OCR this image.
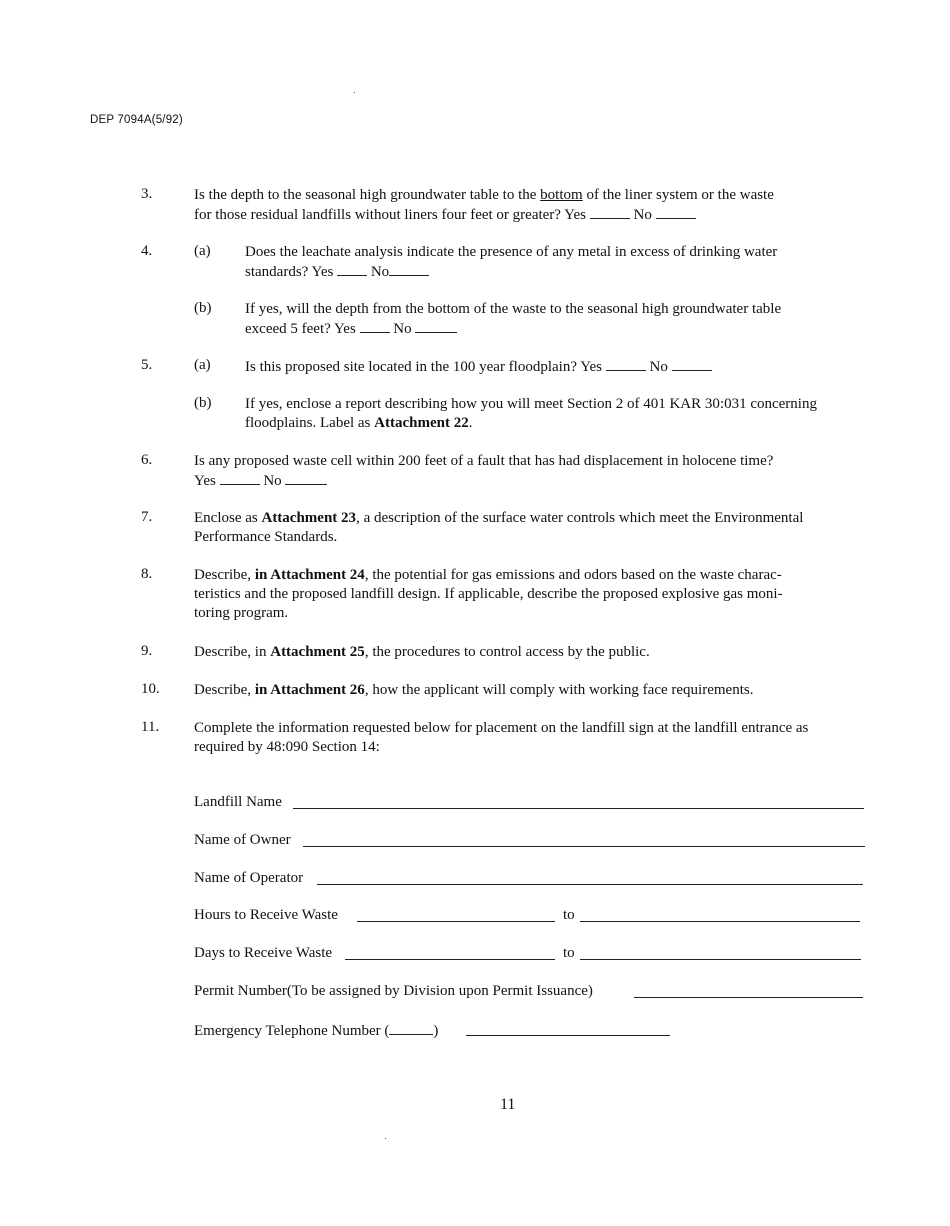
DEP 7094A(5/92)
3.	Is the depth to the seasonal high groundwater table to the bottom of the liner system or the waste
for those residual landfills without liners four feet or greater? Yes	No
4.	(a) Does the leachate analysis indicate the presence of any metal in excess of drinking water
standards? Yes  No
(b) If yes, will the depth from the bottom of the waste to the seasonal high groundwater table
exceed 5 feet? Yes  No
5.	(a) Is this proposed site located in the 100 year floodplain? Yes	No
(b) If yes, enclose a report describing how you will meet Section 2 of 401 KAR 30:031 concerning
floodplains. Label as Attachment 22.
6.	Is any proposed waste cell within 200 feet of a fault that has had displacement in holocene time?
Yes	No
7.	Enclose as Attachment 23, a description of the surface water controls which meet the Environmental
Performance Standards.
8.	Describe, in Attachment 24, the potential for gas emissions and odors based on the waste charac-
teristics and the proposed landfill design. If applicable, describe the proposed explosive gas moni-
toring program.
9.	Describe, in Attachment 25, the procedures to control access by the public.
10. Describe, in Attachment 26, how the applicant will comply with working face requirements.
11. Complete the information requested below for placement on the landfill sign at the landfill entrance as
required by 48:090 Section 14:
Landfill Name
Name of Owner
Name of Operator
Hours to Receive Waste	to
Days to Receive Waste	to
Permit Number(To be assigned by Division upon Permit Issuance)
Emergency Telephone Number (	)
11
